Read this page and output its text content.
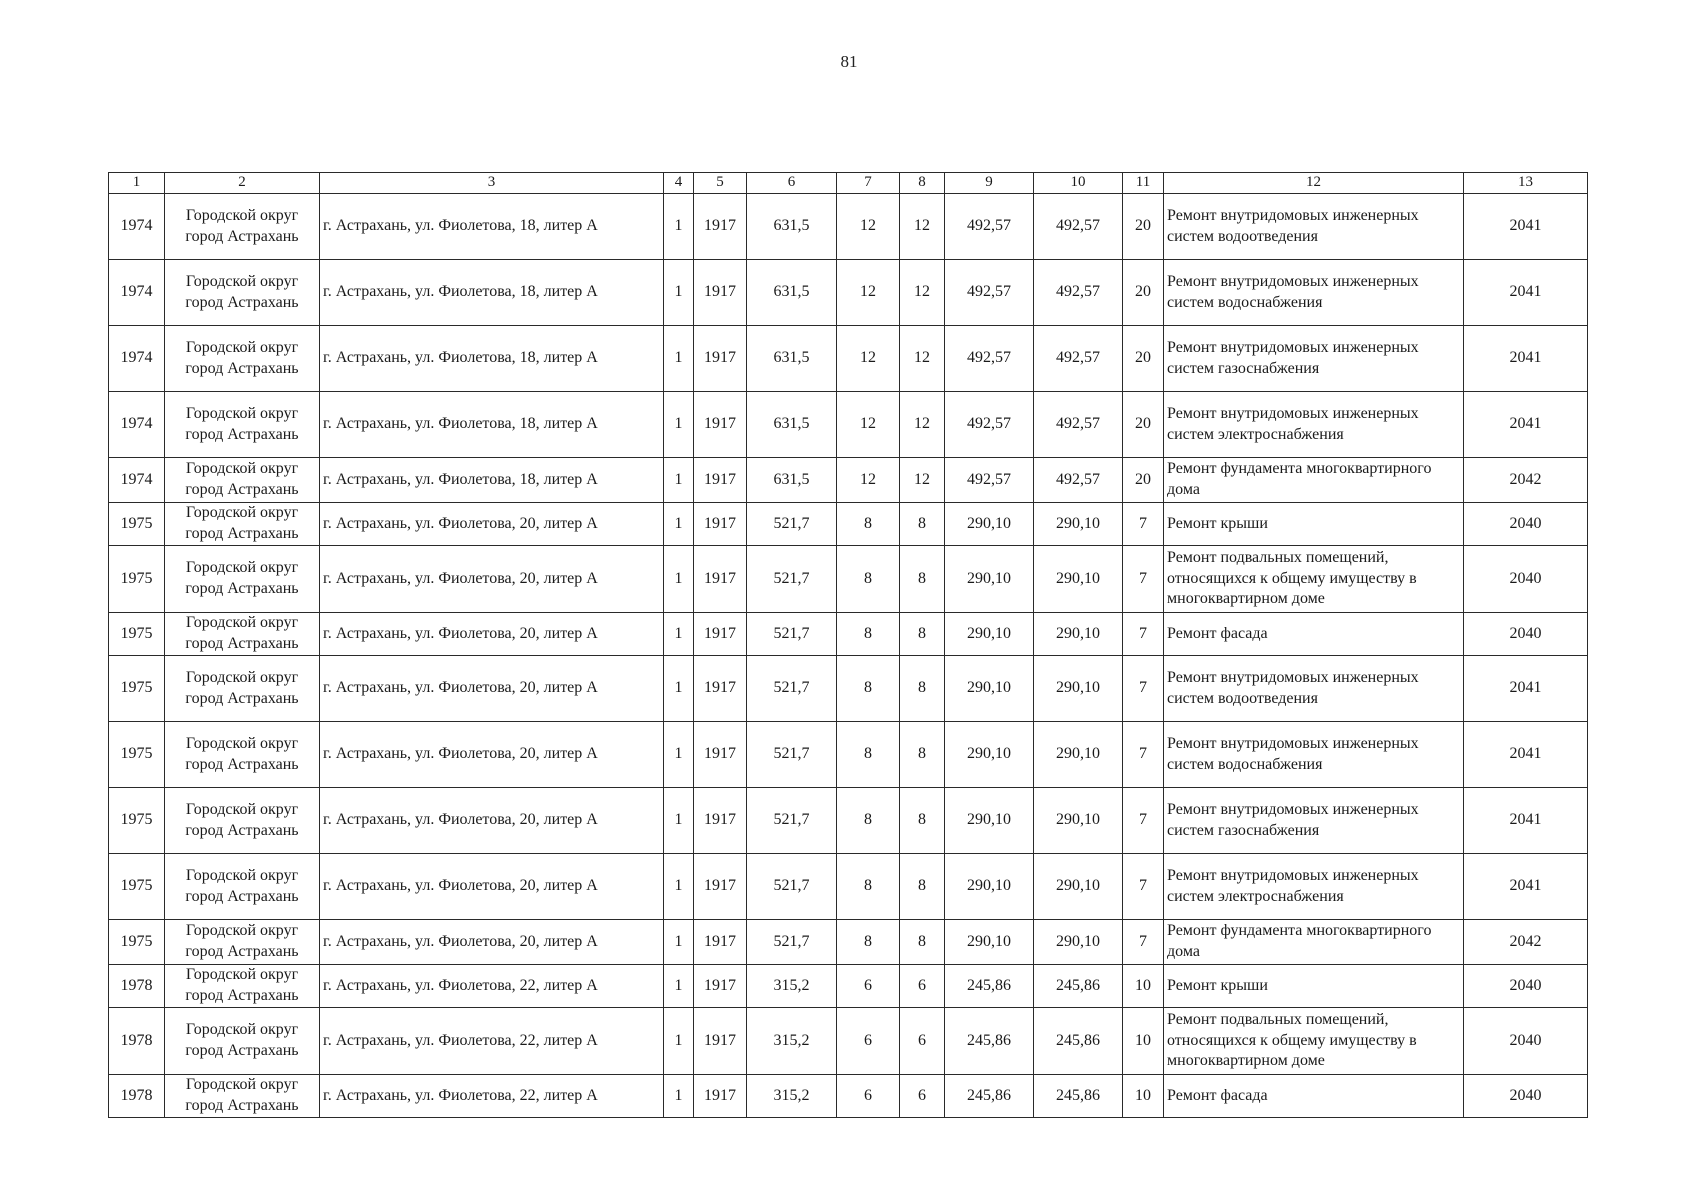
81
1	2	3	4	5	6	7	8	9	10	11	12	13
1974	Городской округ город Астрахань	г. Астрахань, ул. Фиолетова, 18, литер А	1	1917	631,5	12	12	492,57	492,57	20	Ремонт внутридомовых инженерных систем водоотведения	2041
1974	Городской округ город Астрахань	г. Астрахань, ул. Фиолетова, 18, литер А	1	1917	631,5	12	12	492,57	492,57	20	Ремонт внутридомовых инженерных систем водоснабжения	2041
1974	Городской округ город Астрахань	г. Астрахань, ул. Фиолетова, 18, литер А	1	1917	631,5	12	12	492,57	492,57	20	Ремонт внутридомовых инженерных систем газоснабжения	2041
1974	Городской округ город Астрахань	г. Астрахань, ул. Фиолетова, 18, литер А	1	1917	631,5	12	12	492,57	492,57	20	Ремонт внутридомовых инженерных систем электроснабжения	2041
1974	Городской округ город Астрахань	г. Астрахань, ул. Фиолетова, 18, литер А	1	1917	631,5	12	12	492,57	492,57	20	Ремонт фундамента многоквартирного дома	2042
1975	Городской округ город Астрахань	г. Астрахань, ул. Фиолетова, 20, литер А	1	1917	521,7	8	8	290,10	290,10	7	Ремонт крыши	2040
1975	Городской округ город Астрахань	г. Астрахань, ул. Фиолетова, 20, литер А	1	1917	521,7	8	8	290,10	290,10	7	Ремонт подвальных помещений, относящихся к общему имуществу в многоквартирном доме	2040
1975	Городской округ город Астрахань	г. Астрахань, ул. Фиолетова, 20, литер А	1	1917	521,7	8	8	290,10	290,10	7	Ремонт фасада	2040
1975	Городской округ город Астрахань	г. Астрахань, ул. Фиолетова, 20, литер А	1	1917	521,7	8	8	290,10	290,10	7	Ремонт внутридомовых инженерных систем водоотведения	2041
1975	Городской округ город Астрахань	г. Астрахань, ул. Фиолетова, 20, литер А	1	1917	521,7	8	8	290,10	290,10	7	Ремонт внутридомовых инженерных систем водоснабжения	2041
1975	Городской округ город Астрахань	г. Астрахань, ул. Фиолетова, 20, литер А	1	1917	521,7	8	8	290,10	290,10	7	Ремонт внутридомовых инженерных систем газоснабжения	2041
1975	Городской округ город Астрахань	г. Астрахань, ул. Фиолетова, 20, литер А	1	1917	521,7	8	8	290,10	290,10	7	Ремонт внутридомовых инженерных систем электроснабжения	2041
1975	Городской округ город Астрахань	г. Астрахань, ул. Фиолетова, 20, литер А	1	1917	521,7	8	8	290,10	290,10	7	Ремонт фундамента многоквартирного дома	2042
1978	Городской округ город Астрахань	г. Астрахань, ул. Фиолетова, 22, литер А	1	1917	315,2	6	6	245,86	245,86	10	Ремонт крыши	2040
1978	Городской округ город Астрахань	г. Астрахань, ул. Фиолетова, 22, литер А	1	1917	315,2	6	6	245,86	245,86	10	Ремонт подвальных помещений, относящихся к общему имуществу в многоквартирном доме	2040
1978	Городской округ город Астрахань	г. Астрахань, ул. Фиолетова, 22, литер А	1	1917	315,2	6	6	245,86	245,86	10	Ремонт фасада	2040
